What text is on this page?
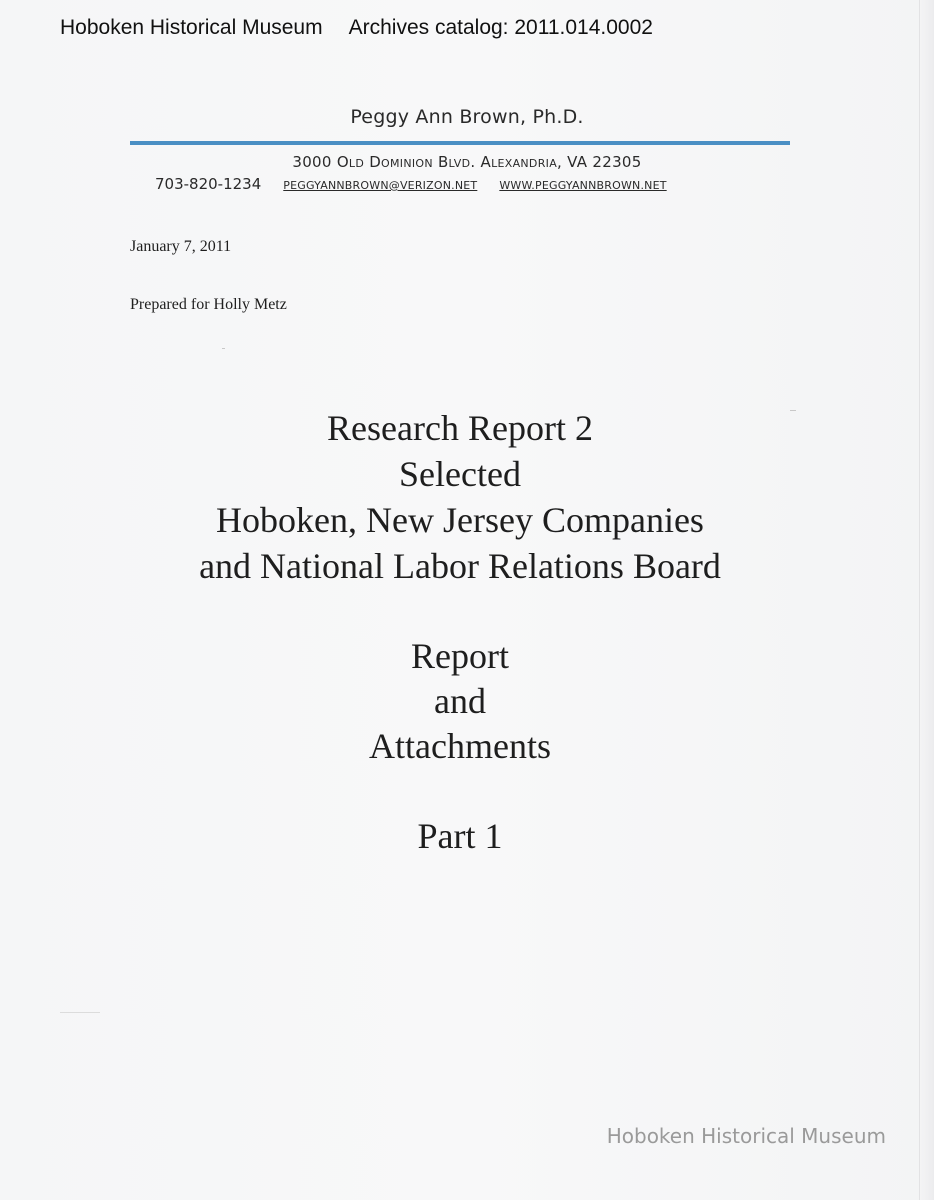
Hoboken Historical Museum Archives catalog: 2011.014.0002
Peggy Ann Brown, Ph.D.
3000 Old Dominion Blvd. Alexandria, VA 22305
703-820-1234 PEGGYANNBROWN@VERIZON.NET WWW.PEGGYANNBROWN.NET
January 7, 2011
Prepared for Holly Metz
Research Report 2
Selected
Hoboken, New Jersey Companies
and National Labor Relations Board
Report
and
Attachments
Part 1
Hoboken Historical Museum
